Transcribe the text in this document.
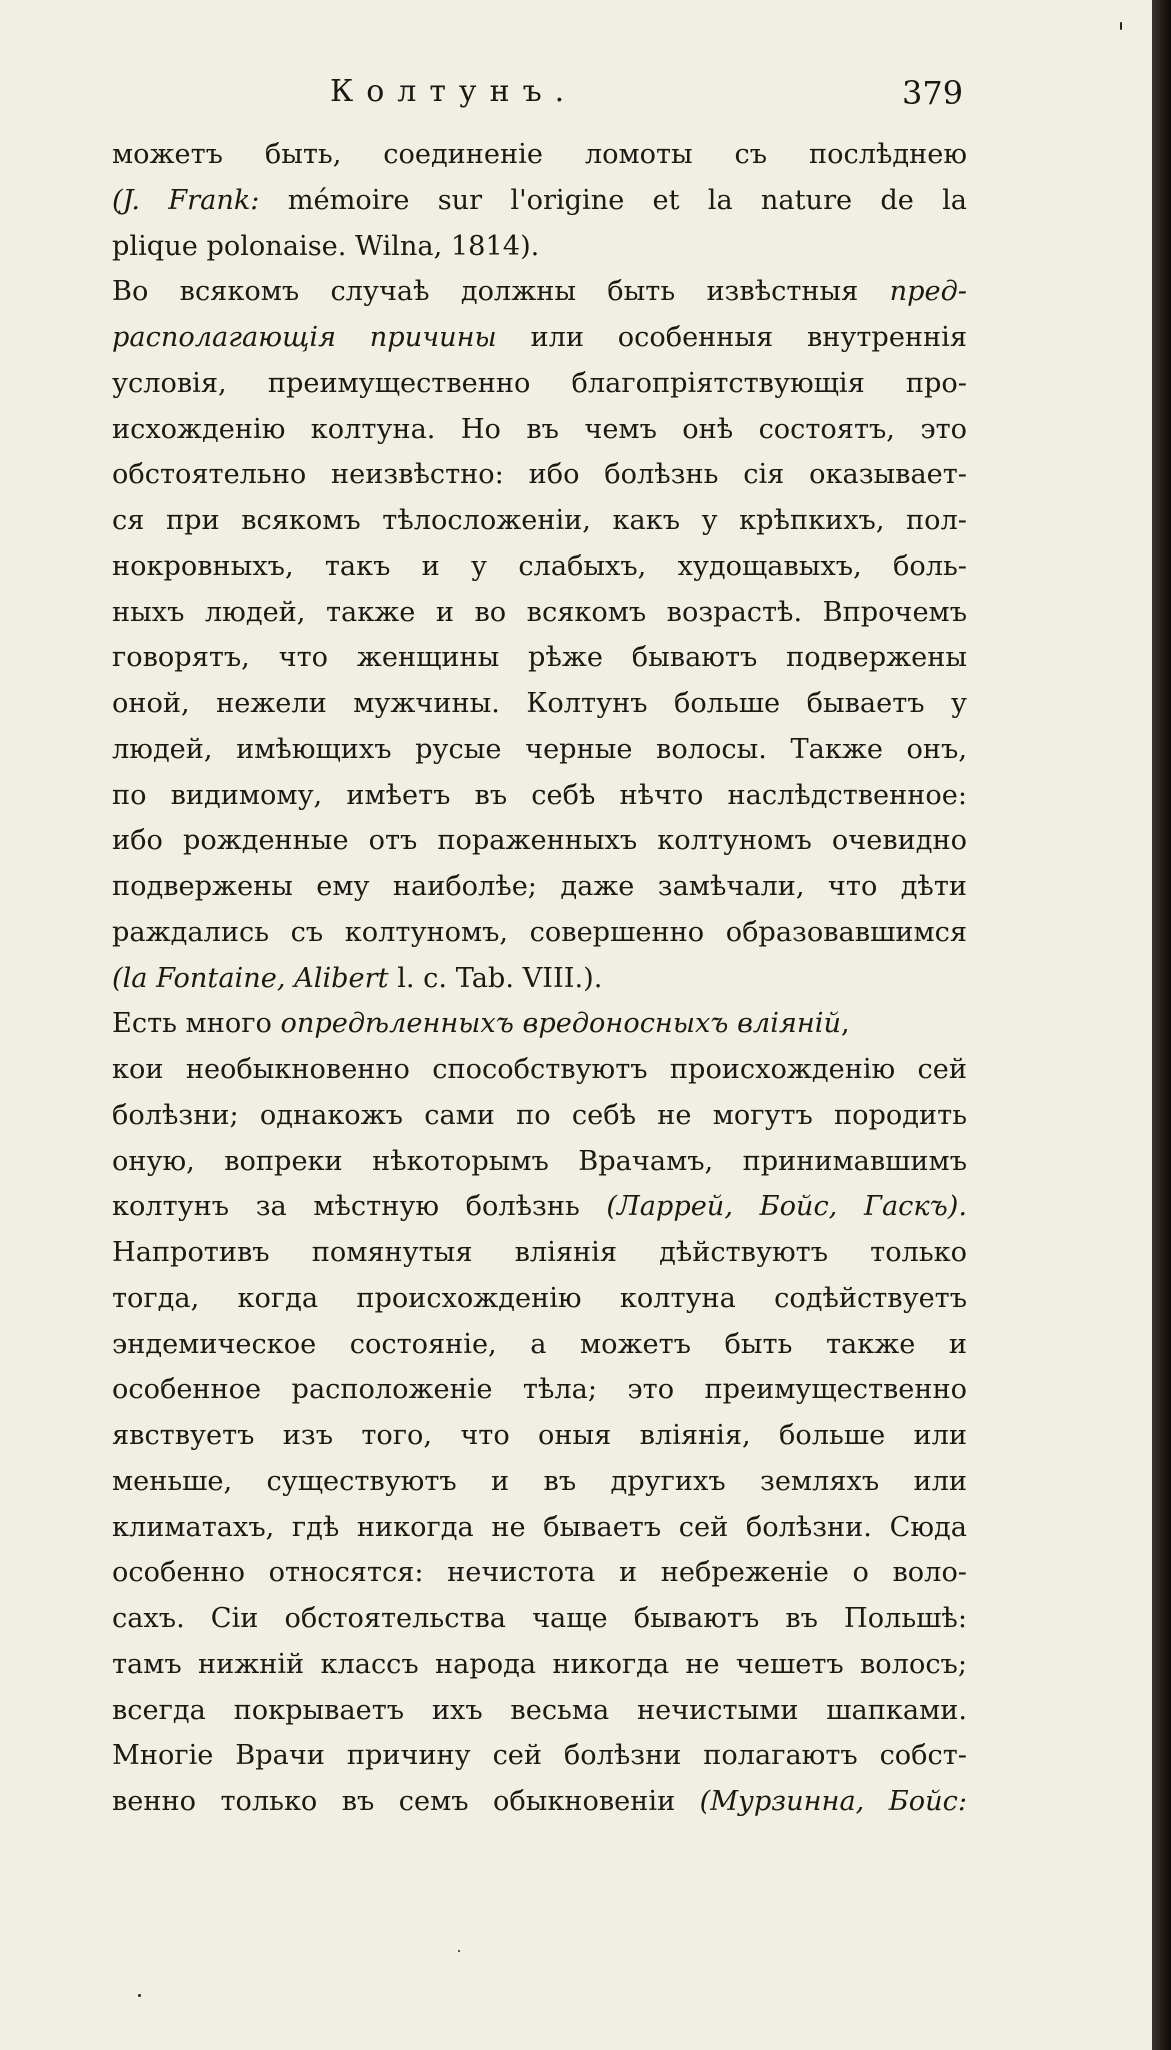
Колтунъ.	379
можетъ быть, соединеніе ломоты съ послѣднею
(J. Frank: mémoire sur l'origine et la nature de la
plique polonaise. Wilna, 1814).
Во всякомъ случаѣ должны быть извѣстныя пред-
располагающія причины или особенныя внутреннія
условія, преимущественно благопріятствующія про-
исхожденію колтуна. Но въ чемъ онѣ состоятъ, это
обстоятельно неизвѣстно: ибо болѣзнь сія оказывает-
ся при всякомъ тѣлосложеніи, какъ у крѣпкихъ, пол-
нокровныхъ, такъ и у слабыхъ, худощавыхъ, боль-
ныхъ людей, также и во всякомъ возрастѣ. Впрочемъ
говорятъ, что женщины рѣже бываютъ подвержены
оной, нежели мужчины. Колтунъ больше бываетъ у
людей, имѣющихъ русые черные волосы. Также онъ,
по видимому, имѣетъ въ себѣ нѣчто наслѣдственное:
ибо рожденные отъ пораженныхъ колтуномъ очевидно
подвержены ему наиболѣе; даже замѣчали, что дѣти
раждались съ колтуномъ, совершенно образовавшимся
(la Fontaine, Alibert l. c. Tab. VIII.).
Есть много опредѣленныхъ вредоносныхъ вліяній,
кои необыкновенно способствуютъ происхожденію сей
болѣзни; однакожъ сами по себѣ не могутъ породить
оную, вопреки нѣкоторымъ Врачамъ, принимавшимъ
колтунъ за мѣстную болѣзнь (Ларрей, Бойс, Гаскъ).
Напротивъ помянутыя вліянія дѣйствуютъ только
тогда, когда происхожденію колтуна содѣйствуетъ
эндемическое состояніе, а можетъ быть также и
особенное расположеніе тѣла; это преимущественно
явствуетъ изъ того, что оныя вліянія, больше или
меньше, существуютъ и въ другихъ земляхъ или
климатахъ, гдѣ никогда не бываетъ сей болѣзни. Сюда
особенно относятся: нечистота и небреженіе о воло-
сахъ. Сіи обстоятельства чаще бываютъ въ Польшѣ:
тамъ нижній классъ народа никогда не чешетъ волосъ;
всегда покрываетъ ихъ весьма нечистыми шапками.
Многіе Врачи причину сей болѣзни полагаютъ собст-
венно только въ семъ обыкновеніи (Мурзинна, Бойс:
